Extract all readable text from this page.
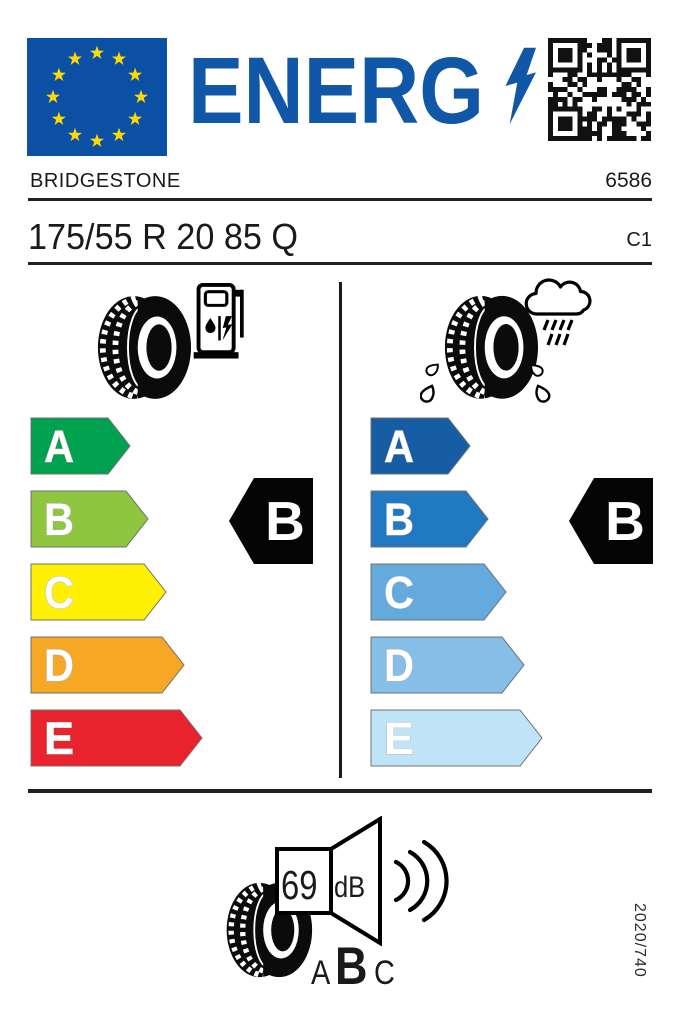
ENERG
BRIDGESTONE	6586
175/55 R 20 85 Q	C1
A
B
C
D
E
B
A
B
C
D
E
B
69 dB
A B C	2020/740
